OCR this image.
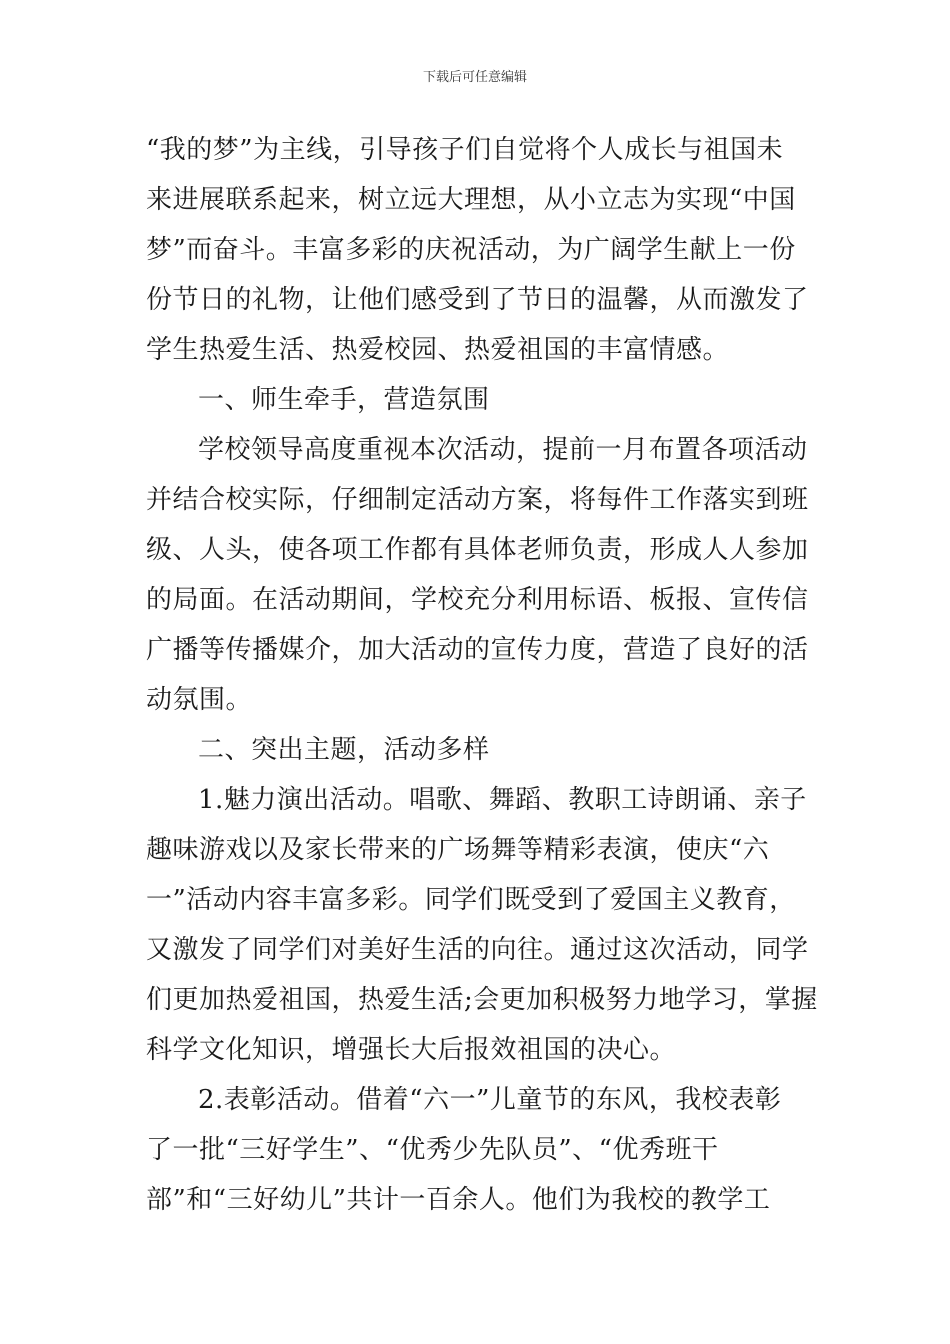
下载后可任意编辑
“我的梦”为主线，引导孩子们自觉将个人成长与祖国未
来进展联系起来，树立远大理想，从小立志为实现“中国
梦”而奋斗。丰富多彩的庆祝活动，为广阔学生献上一份
份节日的礼物，让他们感受到了节日的温馨，从而激发了
学生热爱生活、热爱校园、热爱祖国的丰富情感。
一、师生牵手，营造氛围
学校领导高度重视本次活动，提前一月布置各项活动
并结合校实际，仔细制定活动方案，将每件工作落实到班
级、人头，使各项工作都有具体老师负责，形成人人参加
的局面。在活动期间，学校充分利用标语、板报、宣传信
广播等传播媒介，加大活动的宣传力度，营造了良好的活
动氛围。
二、突出主题，活动多样
1.魅力演出活动。唱歌、舞蹈、教职工诗朗诵、亲子
趣味游戏以及家长带来的广场舞等精彩表演，使庆“六
一”活动内容丰富多彩。同学们既受到了爱国主义教育，
又激发了同学们对美好生活的向往。通过这次活动，同学
们更加热爱祖国，热爱生活;会更加积极努力地学习，掌握
科学文化知识，增强长大后报效祖国的决心。
2.表彰活动。借着“六一”儿童节的东风，我校表彰
了一批“三好学生”、“优秀少先队员”、“优秀班干
部”和“三好幼儿”共计一百余人。他们为我校的教学工
